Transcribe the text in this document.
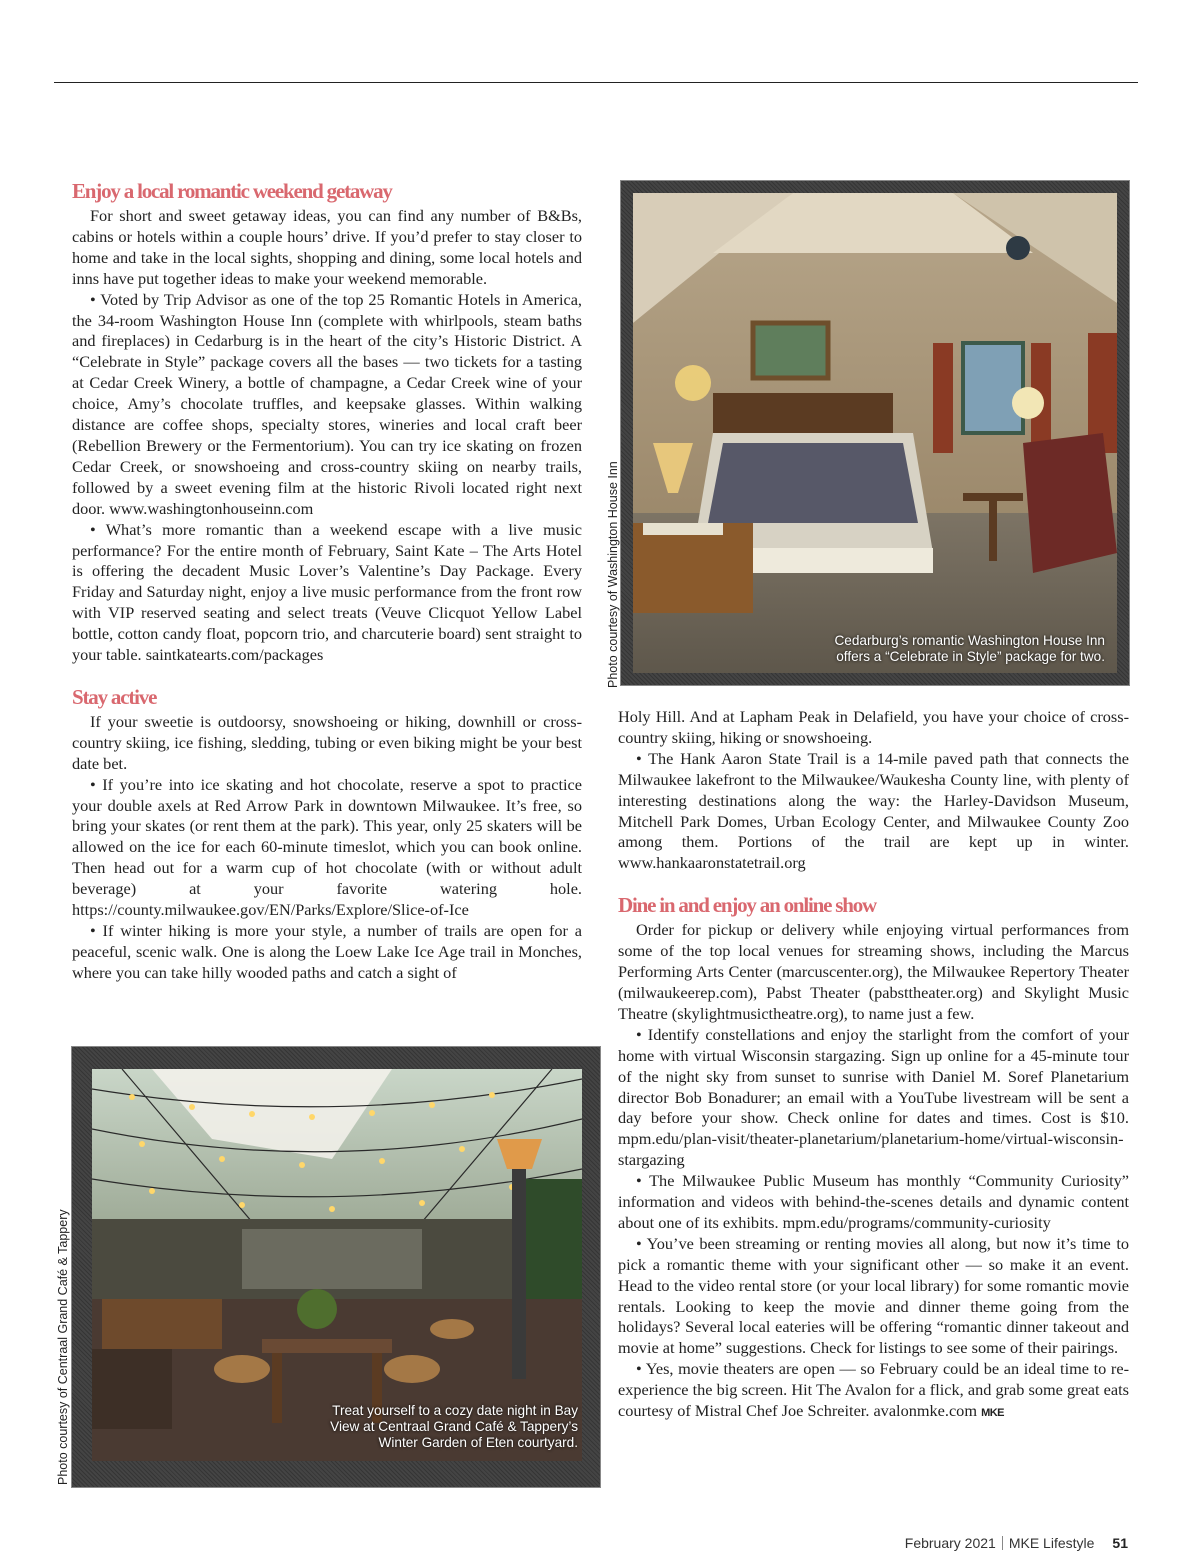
Enjoy a local romantic weekend getaway

For short and sweet getaway ideas, you can find any number of B&Bs, cabins or hotels within a couple hours’ drive. If you’d prefer to stay closer to home and take in the local sights, shopping and dining, some local hotels and inns have put together ideas to make your weekend memorable.

• Voted by Trip Advisor as one of the top 25 Romantic Hotels in America, the 34-room Washington House Inn (complete with whirlpools, steam baths and fireplaces) in Cedarburg is in the heart of the city’s Historic District. A “Celebrate in Style” package covers all the bases — two tickets for a tasting at Cedar Creek Winery, a bottle of champagne, a Cedar Creek wine of your choice, Amy’s chocolate truffles, and keepsake glasses. Within walking distance are coffee shops, specialty stores, wineries and local craft beer (Rebellion Brewery or the Fermentorium). You can try ice skating on frozen Cedar Creek, or snowshoeing and cross-country skiing on nearby trails, followed by a sweet evening film at the historic Rivoli located right next door. www.washingtonhouseinn.com

• What’s more romantic than a weekend escape with a live music performance? For the entire month of February, Saint Kate – The Arts Hotel is offering the decadent Music Lover’s Valentine’s Day Package. Every Friday and Saturday night, enjoy a live music performance from the front row with VIP reserved seating and select treats (Veuve Clicquot Yellow Label bottle, cotton candy float, popcorn trio, and charcuterie board) sent straight to your table. saintkatearts.com/packages

Stay active

If your sweetie is outdoorsy, snowshoeing or hiking, downhill or cross-country skiing, ice fishing, sledding, tubing or even biking might be your best date bet.

• If you’re into ice skating and hot chocolate, reserve a spot to practice your double axels at Red Arrow Park in downtown Milwaukee. It’s free, so bring your skates (or rent them at the park). This year, only 25 skaters will be allowed on the ice for each 60-minute timeslot, which you can book online. Then head out for a warm cup of hot chocolate (with or without adult beverage) at your favorite watering hole. https://county.milwaukee.gov/EN/Parks/Explore/Slice-of-Ice

• If winter hiking is more your style, a number of trails are open for a peaceful, scenic walk. One is along the Loew Lake Ice Age trail in Monches, where you can take hilly wooded paths and catch a sight of

Photo courtesy of Washington House Inn	Cedarburg’s romantic Washington House Inn
offers a “Celebrate in Style” package for two.

Holy Hill. And at Lapham Peak in Delafield, you have your choice of cross-country skiing, hiking or snowshoeing.

• The Hank Aaron State Trail is a 14-mile paved path that connects the Milwaukee lakefront to the Milwaukee/Waukesha County line, with plenty of interesting destinations along the way: the Harley-Davidson Museum, Mitchell Park Domes, Urban Ecology Center, and Milwaukee County Zoo among them. Portions of the trail are kept up in winter. www.hankaaronstatetrail.org

Dine in and enjoy an online show

Order for pickup or delivery while enjoying virtual performances from some of the top local venues for streaming shows, including the Marcus Performing Arts Center (marcuscenter.org), the Milwaukee Repertory Theater (milwaukeerep.com), Pabst Theater (pabsttheater.org) and Skylight Music Theatre (skylightmusictheatre.org), to name just a few.

• Identify constellations and enjoy the starlight from the comfort of your home with virtual Wisconsin stargazing. Sign up online for a 45-minute tour of the night sky from sunset to sunrise with Daniel M. Soref Planetarium director Bob Bonadurer; an email with a YouTube livestream will be sent a day before your show. Check online for dates and times. Cost is $10. mpm.edu/plan-visit/theater-planetarium/planetarium-home/virtual-wisconsin-stargazing

• The Milwaukee Public Museum has monthly “Community Curiosity” information and videos with behind-the-scenes details and dynamic content about one of its exhibits. mpm.edu/programs/community-curiosity

• You’ve been streaming or renting movies all along, but now it’s time to pick a romantic theme with your significant other — so make it an event. Head to the video rental store (or your local library) for some romantic movie rentals. Looking to keep the movie and dinner theme going from the holidays? Several local eateries will be offering “romantic dinner takeout and movie at home” suggestions. Check for listings to see some of their pairings.

• Yes, movie theaters are open — so February could be an ideal time to re-experience the big screen. Hit The Avalon for a flick, and grab some great eats courtesy of Mistral Chef Joe Schreiter. avalonmke.com MKE

Photo courtesy of Centraal Grand Café & Tappery	Treat yourself to a cozy date night in Bay
View at Centraal Grand Café & Tappery’s
Winter Garden of Eten courtyard.
February 2021 MKE Lifestyle 51
